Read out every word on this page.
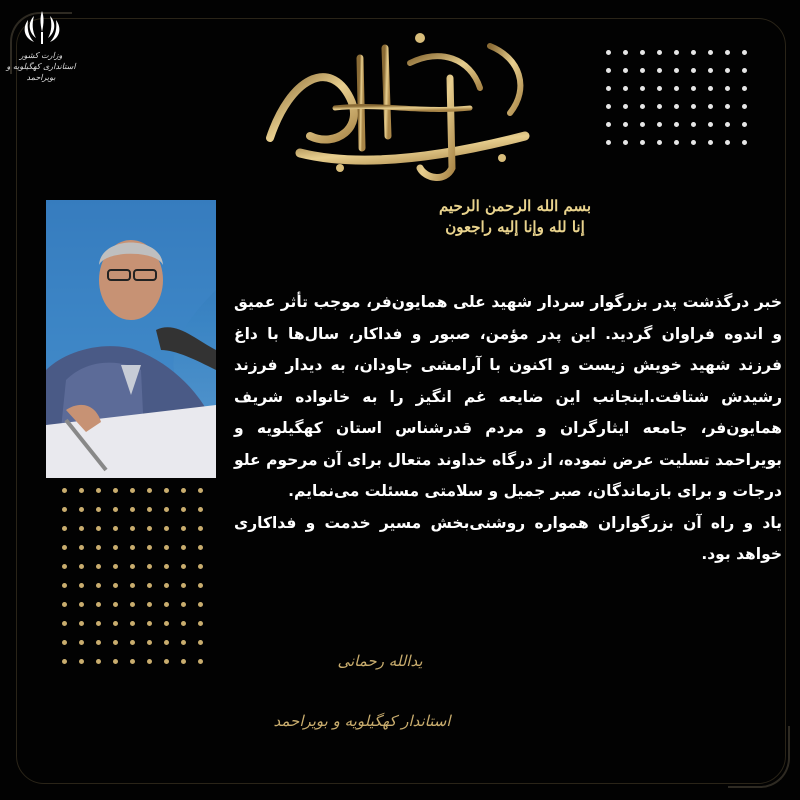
وزارت کشور
استانداری کهگیلویه و بویراحمد
بسم الله الرحمن الرحیم
إنا لله وإنا إليه راجعون

خبر درگذشت پدر بزرگوار سردار شهید علی همایون‌فر، موجب تأثر عمیق و اندوه فراوان گردید. این پدر مؤمن، صبور و فداکار، سال‌ها با داغ فرزند شهید خویش زیست و اکنون با آرامشی جاودان، به دیدار فرزند رشیدش شتافت.اینجانب این ضایعه غم انگیز را به خانواده شریف همایون‌فر، جامعه ایثارگران و مردم قدرشناس استان کهگیلویه و بویراحمد تسلیت عرض نموده، از درگاه خداوند متعال برای آن مرحوم علو درجات و برای بازماندگان، صبر جمیل و سلامتی مسئلت می‌نمایم.

یاد و راه آن بزرگواران همواره روشنی‌بخش مسیر خدمت و فداکاری خواهد بود.

یدالله رحمانی
استاندار کهگیلویه و بویراحمد
